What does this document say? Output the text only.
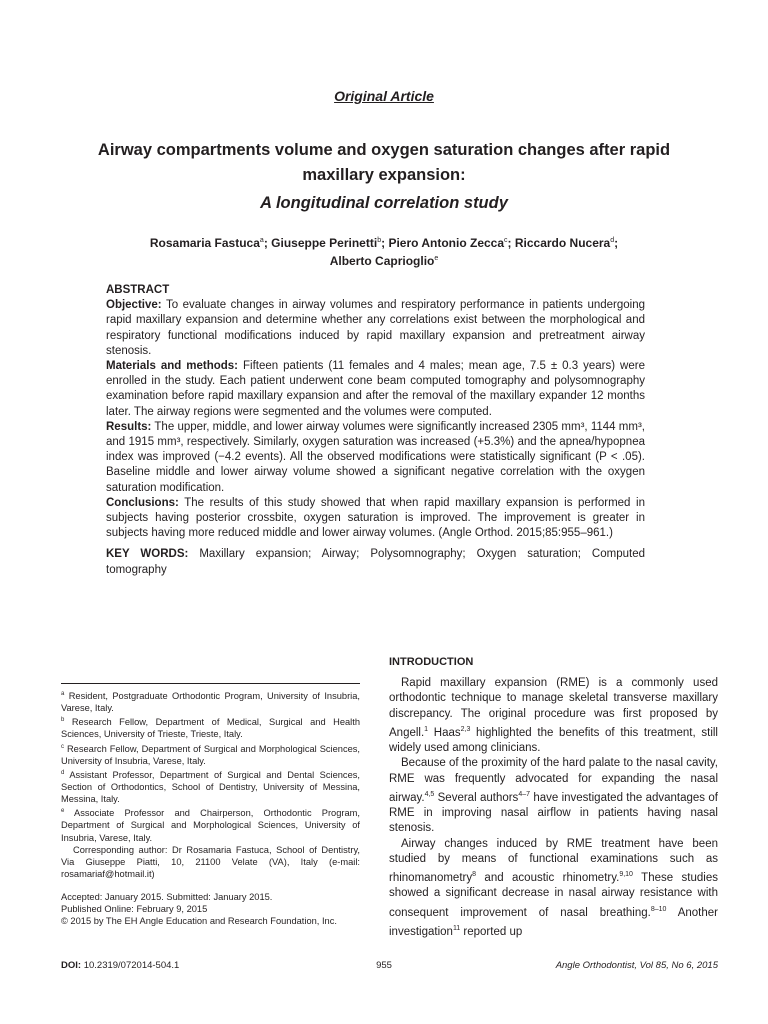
Original Article
Airway compartments volume and oxygen saturation changes after rapid maxillary expansion:
A longitudinal correlation study
Rosamaria Fastuca$^a$; Giuseppe Perinetti$^b$; Piero Antonio Zecca$^c$; Riccardo Nucera$^d$;
Alberto Caprioglio$^e$

ABSTRACT

Objective: To evaluate changes in airway volumes and respiratory performance in patients undergoing rapid maxillary expansion and determine whether any correlations exist between the morphological and respiratory functional modifications induced by rapid maxillary expansion and pretreatment airway stenosis.

Materials and methods: Fifteen patients (11 females and 4 males; mean age, 7.5 ± 0.3 years) were enrolled in the study. Each patient underwent cone beam computed tomography and polysomnography examination before rapid maxillary expansion and after the removal of the maxillary expander 12 months later. The airway regions were segmented and the volumes were computed.

Results: The upper, middle, and lower airway volumes were significantly increased 2305 mm³, 1144 mm³, and 1915 mm³, respectively. Similarly, oxygen saturation was increased (+5.3%) and the apnea/hypopnea index was improved (−4.2 events). All the observed modifications were statistically significant (P < .05). Baseline middle and lower airway volume showed a significant negative correlation with the oxygen saturation modification.

Conclusions: The results of this study showed that when rapid maxillary expansion is performed in subjects having posterior crossbite, oxygen saturation is improved. The improvement is greater in subjects having more reduced middle and lower airway volumes. (Angle Orthod. 2015;85:955–961.)

KEY WORDS: Maxillary expansion; Airway; Polysomnography; Oxygen saturation; Computed tomography

$^a$ Resident, Postgraduate Orthodontic Program, University of Insubria, Varese, Italy.

$^b$ Research Fellow, Department of Medical, Surgical and Health Sciences, University of Trieste, Trieste, Italy.

$^c$ Research Fellow, Department of Surgical and Morphological Sciences, University of Insubria, Varese, Italy.

$^d$ Assistant Professor, Department of Surgical and Dental Sciences, Section of Orthodontics, School of Dentistry, University of Messina, Messina, Italy.

$^e$ Associate Professor and Chairperson, Orthodontic Program, Department of Surgical and Morphological Sciences, University of Insubria, Varese, Italy.

Corresponding author: Dr Rosamaria Fastuca, School of Dentistry, Via Giuseppe Piatti, 10, 21100 Velate (VA), Italy (e-mail: rosamariaf@hotmail.it)

Accepted: January 2015. Submitted: January 2015.

Published Online: February 9, 2015

© 2015 by The EH Angle Education and Research Foundation, Inc.

INTRODUCTION

Rapid maxillary expansion (RME) is a commonly used orthodontic technique to manage skeletal transverse maxillary discrepancy. The original procedure was first proposed by Angell.$^1$ Haas$^{2,3}$ highlighted the benefits of this treatment, still widely used among clinicians.

Because of the proximity of the hard palate to the nasal cavity, RME was frequently advocated for expanding the nasal airway.$^{4,5}$ Several authors$^{4-7}$ have investigated the advantages of RME in improving nasal airflow in patients having nasal stenosis.

Airway changes induced by RME treatment have been studied by means of functional examinations such as rhinomanometry$^8$ and acoustic rhinometry.$^{9,10}$ These studies showed a significant decrease in nasal airway resistance with consequent improvement of nasal breathing.$^{8-10}$ Another investigation$^{11}$ reported up

DOI: 10.2319/072014-504.1	955	Angle Orthodontist, Vol 85, No 6, 2015
